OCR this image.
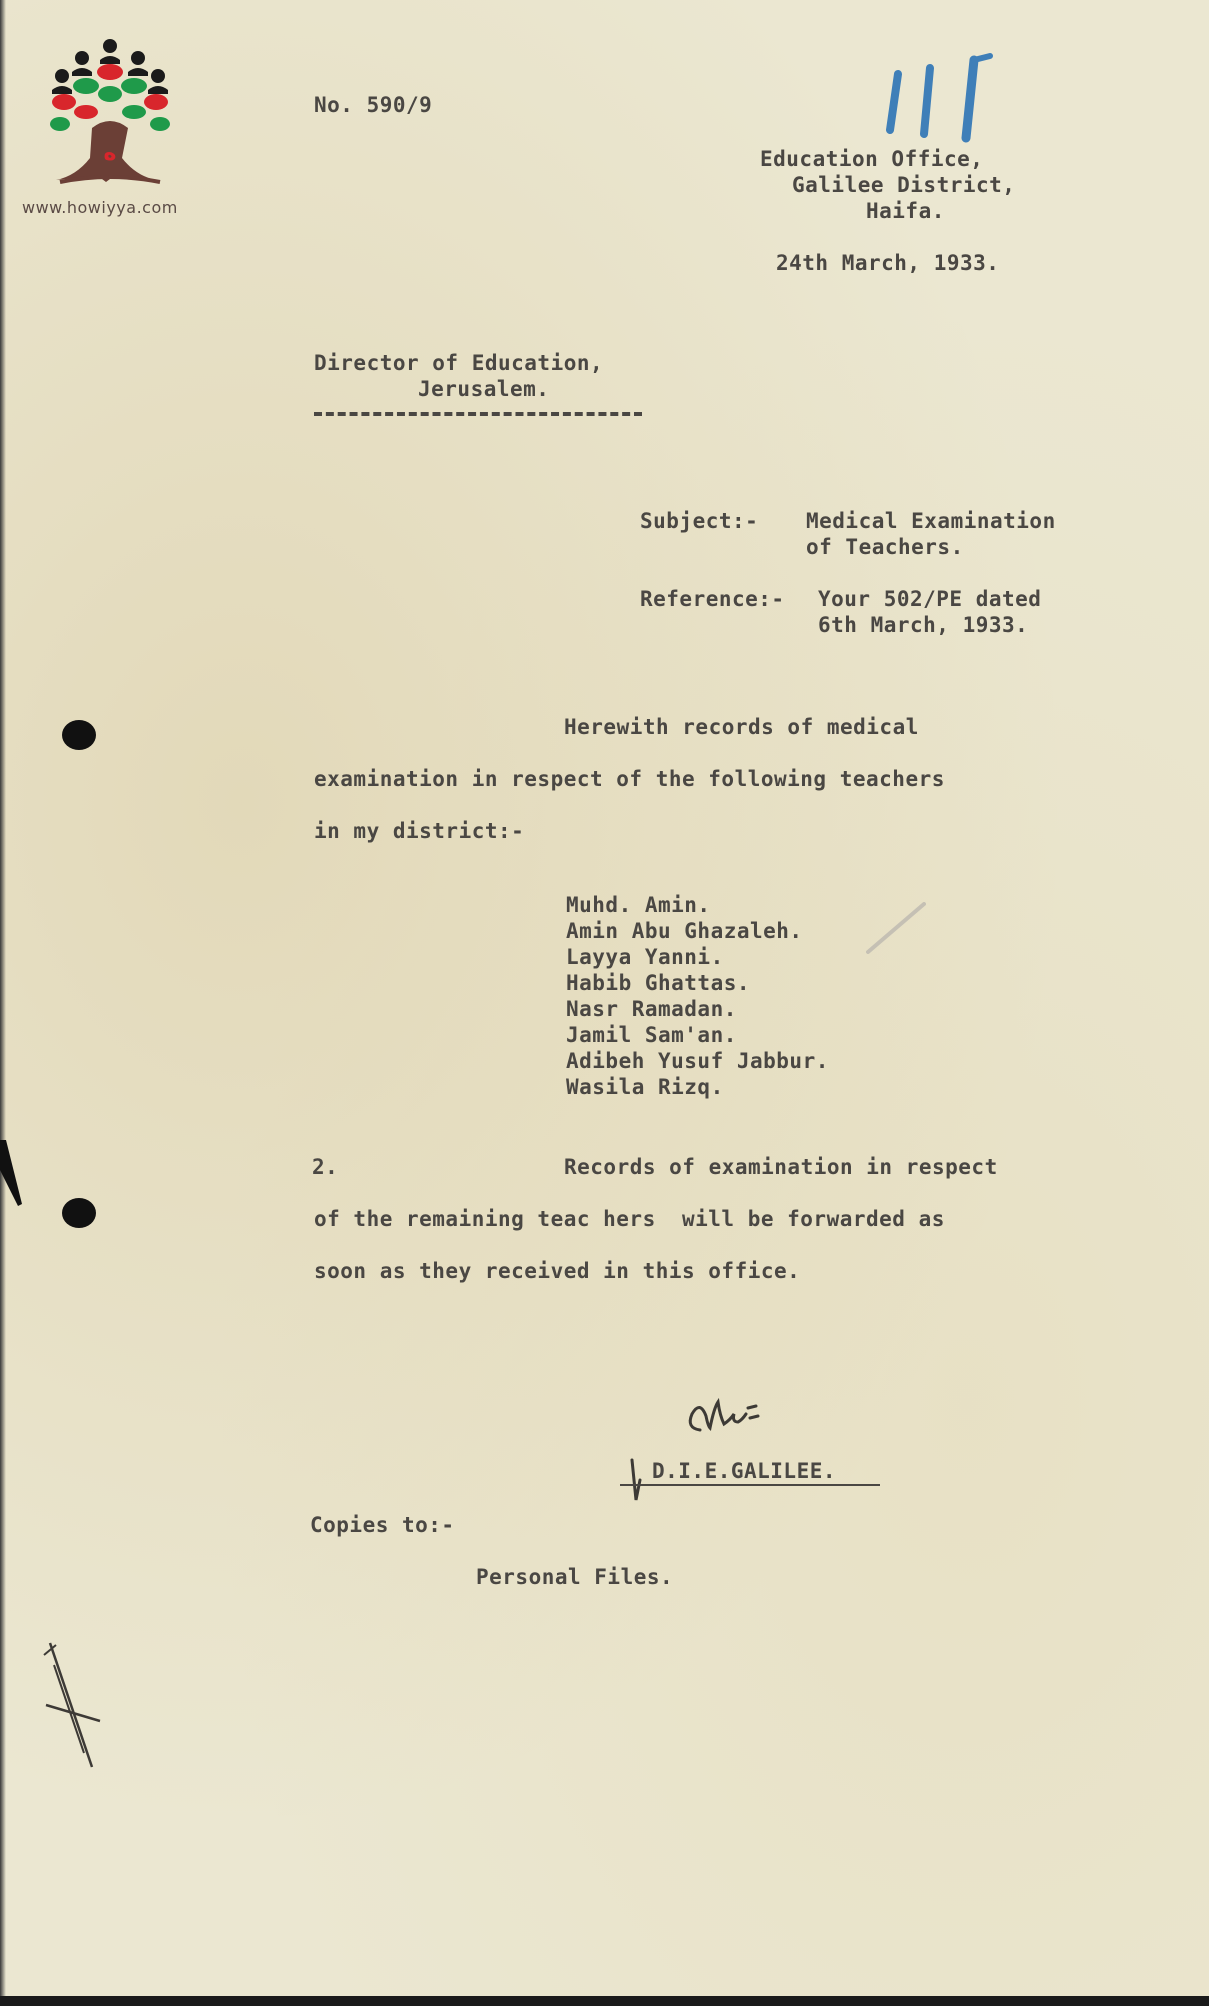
ه
www.howiyya.com
No. 590/9
Education Office,
Galilee District,
Haifa.
24th March, 1933.
Director of Education,
Jerusalem.
Subject:- Medical Examination
of Teachers.
Reference:- Your 502/PE dated
6th March, 1933.
Herewith records of medical
examination in respect of the following teachers
in my district:-
Muhd. Amin.
Amin Abu Ghazaleh.
Layya Yanni.
Habib Ghattas.
Nasr Ramadan.
Jamil Sam'an.
Adibeh Yusuf Jabbur.
Wasila Rizq.
2.	Records of examination in respect
of the remaining teac hers  will be forwarded as
soon as they received in this office.
D.I.E.GALILEE.
Copies to:-
Personal Files.
